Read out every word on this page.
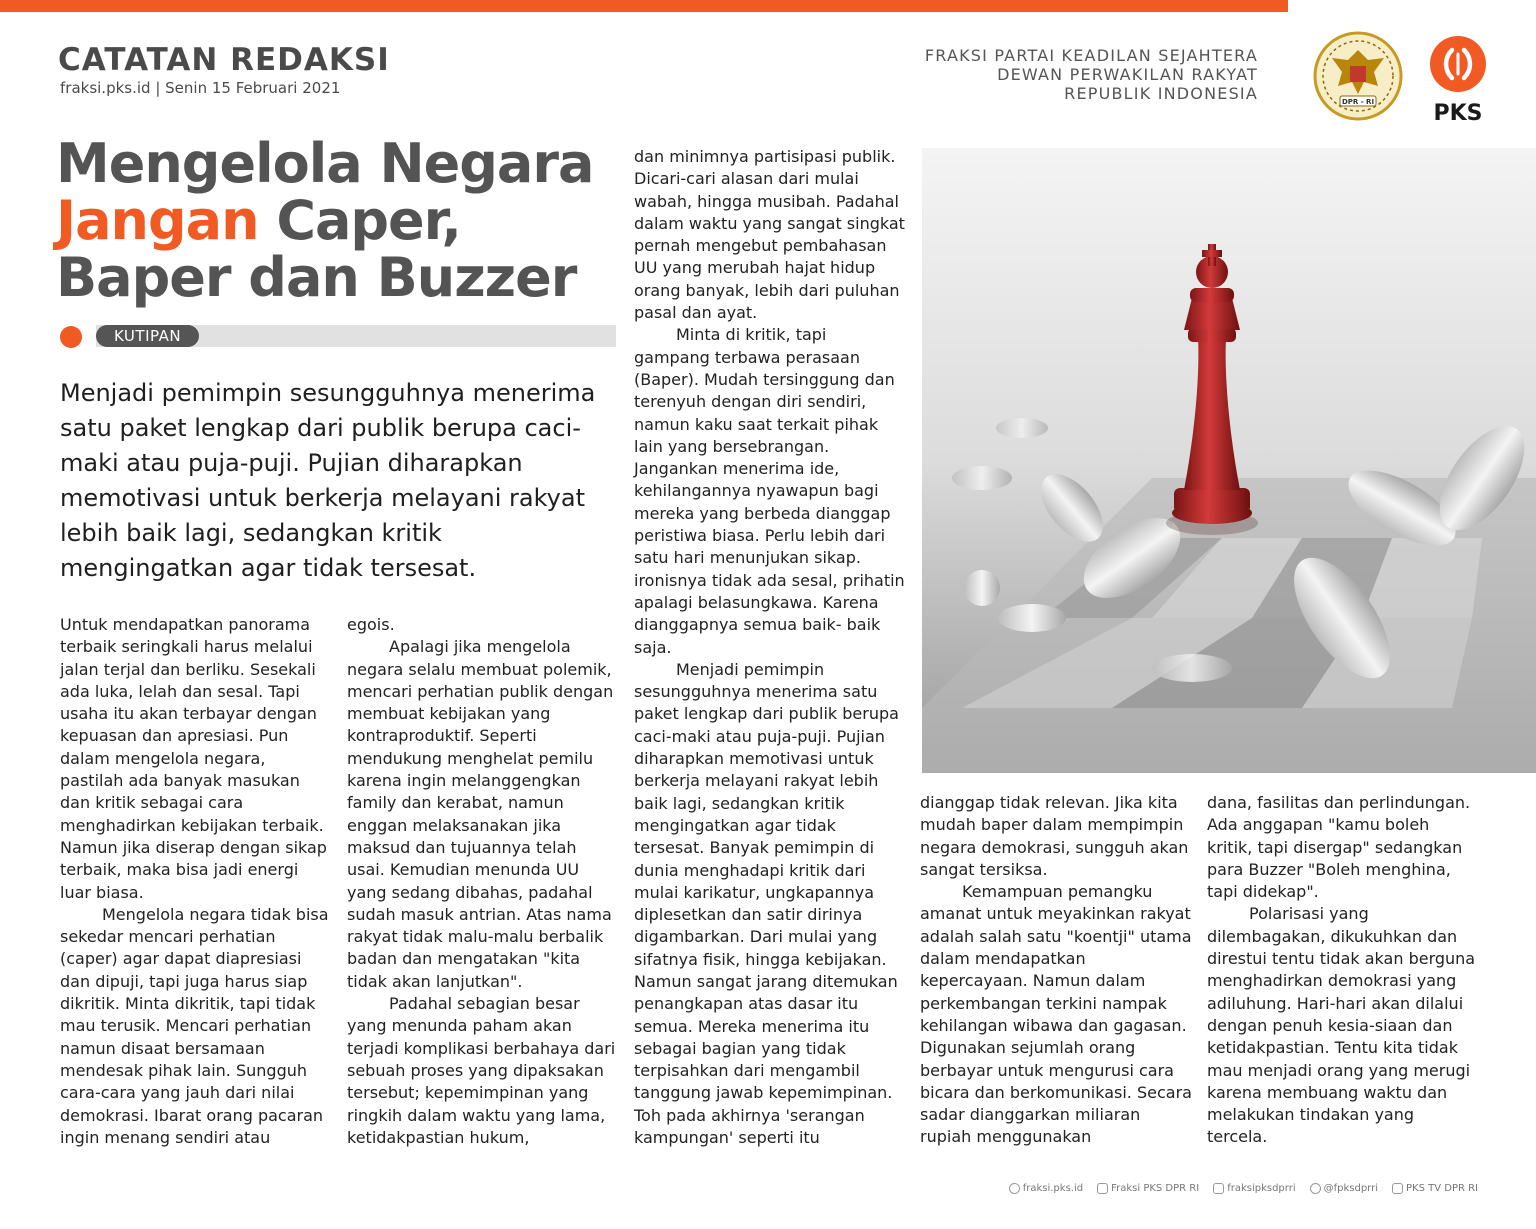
CATATAN REDAKSI
fraksi.pks.id | Senin 15 Februari 2021
FRAKSI PARTAI KEADILAN SEJAHTERA
DEWAN PERWAKILAN RAKYAT
REPUBLIK INDONESIA	DPR - RI	PKS
Mengelola Negara
Jangan Caper,
Baper dan Buzzer
KUTIPAN
Menjadi pemimpin sesungguhnya menerima satu paket lengkap dari publik berupa caci-maki atau puja-puji. Pujian diharapkan memotivasi untuk berkerja melayani rakyat lebih baik lagi, sedangkan kritik mengingatkan agar tidak tersesat.

Untuk mendapatkan panorama terbaik seringkali harus melalui jalan terjal dan berliku. Sesekali ada luka, lelah dan sesal. Tapi usaha itu akan terbayar dengan kepuasan dan apresiasi. Pun dalam mengelola negara, pastilah ada banyak masukan dan kritik sebagai cara menghadirkan kebijakan terbaik. Namun jika diserap dengan sikap terbaik, maka bisa jadi energi luar biasa.

Mengelola negara tidak bisa sekedar mencari perhatian (caper) agar dapat diapresiasi dan dipuji, tapi juga harus siap dikritik. Minta dikritik, tapi tidak mau terusik. Mencari perhatian namun disaat bersamaan mendesak pihak lain. Sungguh cara-cara yang jauh dari nilai demokrasi. Ibarat orang pacaran ingin menang sendiri atau

egois.

Apalagi jika mengelola negara selalu membuat polemik, mencari perhatian publik dengan membuat kebijakan yang kontraproduktif. Seperti mendukung menghelat pemilu karena ingin melanggengkan family dan kerabat, namun enggan melaksanakan jika maksud dan tujuannya telah usai. Kemudian menunda UU yang sedang dibahas, padahal sudah masuk antrian. Atas nama rakyat tidak malu-malu berbalik badan dan mengatakan "kita tidak akan lanjutkan".

Padahal sebagian besar yang menunda paham akan terjadi komplikasi berbahaya dari sebuah proses yang dipaksakan tersebut; kepemimpinan yang ringkih dalam waktu yang lama, ketidakpastian hukum,

dan minimnya partisipasi publik. Dicari-cari alasan dari mulai wabah, hingga musibah. Padahal dalam waktu yang sangat singkat pernah mengebut pembahasan UU yang merubah hajat hidup orang banyak, lebih dari puluhan pasal dan ayat.

Minta di kritik, tapi gampang terbawa perasaan (Baper). Mudah tersinggung dan terenyuh dengan diri sendiri, namun kaku saat terkait pihak lain yang bersebrangan. Jangankan menerima ide, kehilangannya nyawapun bagi mereka yang berbeda dianggap peristiwa biasa. Perlu lebih dari satu hari menunjukan sikap. ironisnya tidak ada sesal, prihatin apalagi belasungkawa. Karena dianggapnya semua baik- baik saja.

Menjadi pemimpin sesungguhnya menerima satu paket lengkap dari publik berupa caci-maki atau puja-puji. Pujian diharapkan memotivasi untuk berkerja melayani rakyat lebih baik lagi, sedangkan kritik mengingatkan agar tidak tersesat. Banyak pemimpin di dunia menghadapi kritik dari mulai karikatur, ungkapannya diplesetkan dan satir dirinya digambarkan. Dari mulai yang sifatnya fisik, hingga kebijakan. Namun sangat jarang ditemukan penangkapan atas dasar itu semua. Mereka menerima itu sebagai bagian yang tidak terpisahkan dari mengambil tanggung jawab kepemimpinan. Toh pada akhirnya 'serangan kampungan' seperti itu

dianggap tidak relevan. Jika kita mudah baper dalam mempimpin negara demokrasi, sungguh akan sangat tersiksa.

Kemampuan pemangku amanat untuk meyakinkan rakyat adalah salah satu "koentji" utama dalam mendapatkan kepercayaan. Namun dalam perkembangan terkini nampak kehilangan wibawa dan gagasan. Digunakan sejumlah orang berbayar untuk mengurusi cara bicara dan berkomunikasi. Secara sadar dianggarkan miliaran rupiah menggunakan

dana, fasilitas dan perlindungan. Ada anggapan "kamu boleh kritik, tapi disergap" sedangkan para Buzzer "Boleh menghina, tapi didekap".

Polarisasi yang dilembagakan, dikukuhkan dan direstui tentu tidak akan berguna menghadirkan demokrasi yang adiluhung. Hari-hari akan dilalui dengan penuh kesia-siaan dan ketidakpastian. Tentu kita tidak mau menjadi orang yang merugi karena membuang waktu dan melakukan tindakan yang tercela.

fraksi.pks.id	Fraksi PKS DPR RI	fraksipksdprri	@fpksdprri	PKS TV DPR RI
